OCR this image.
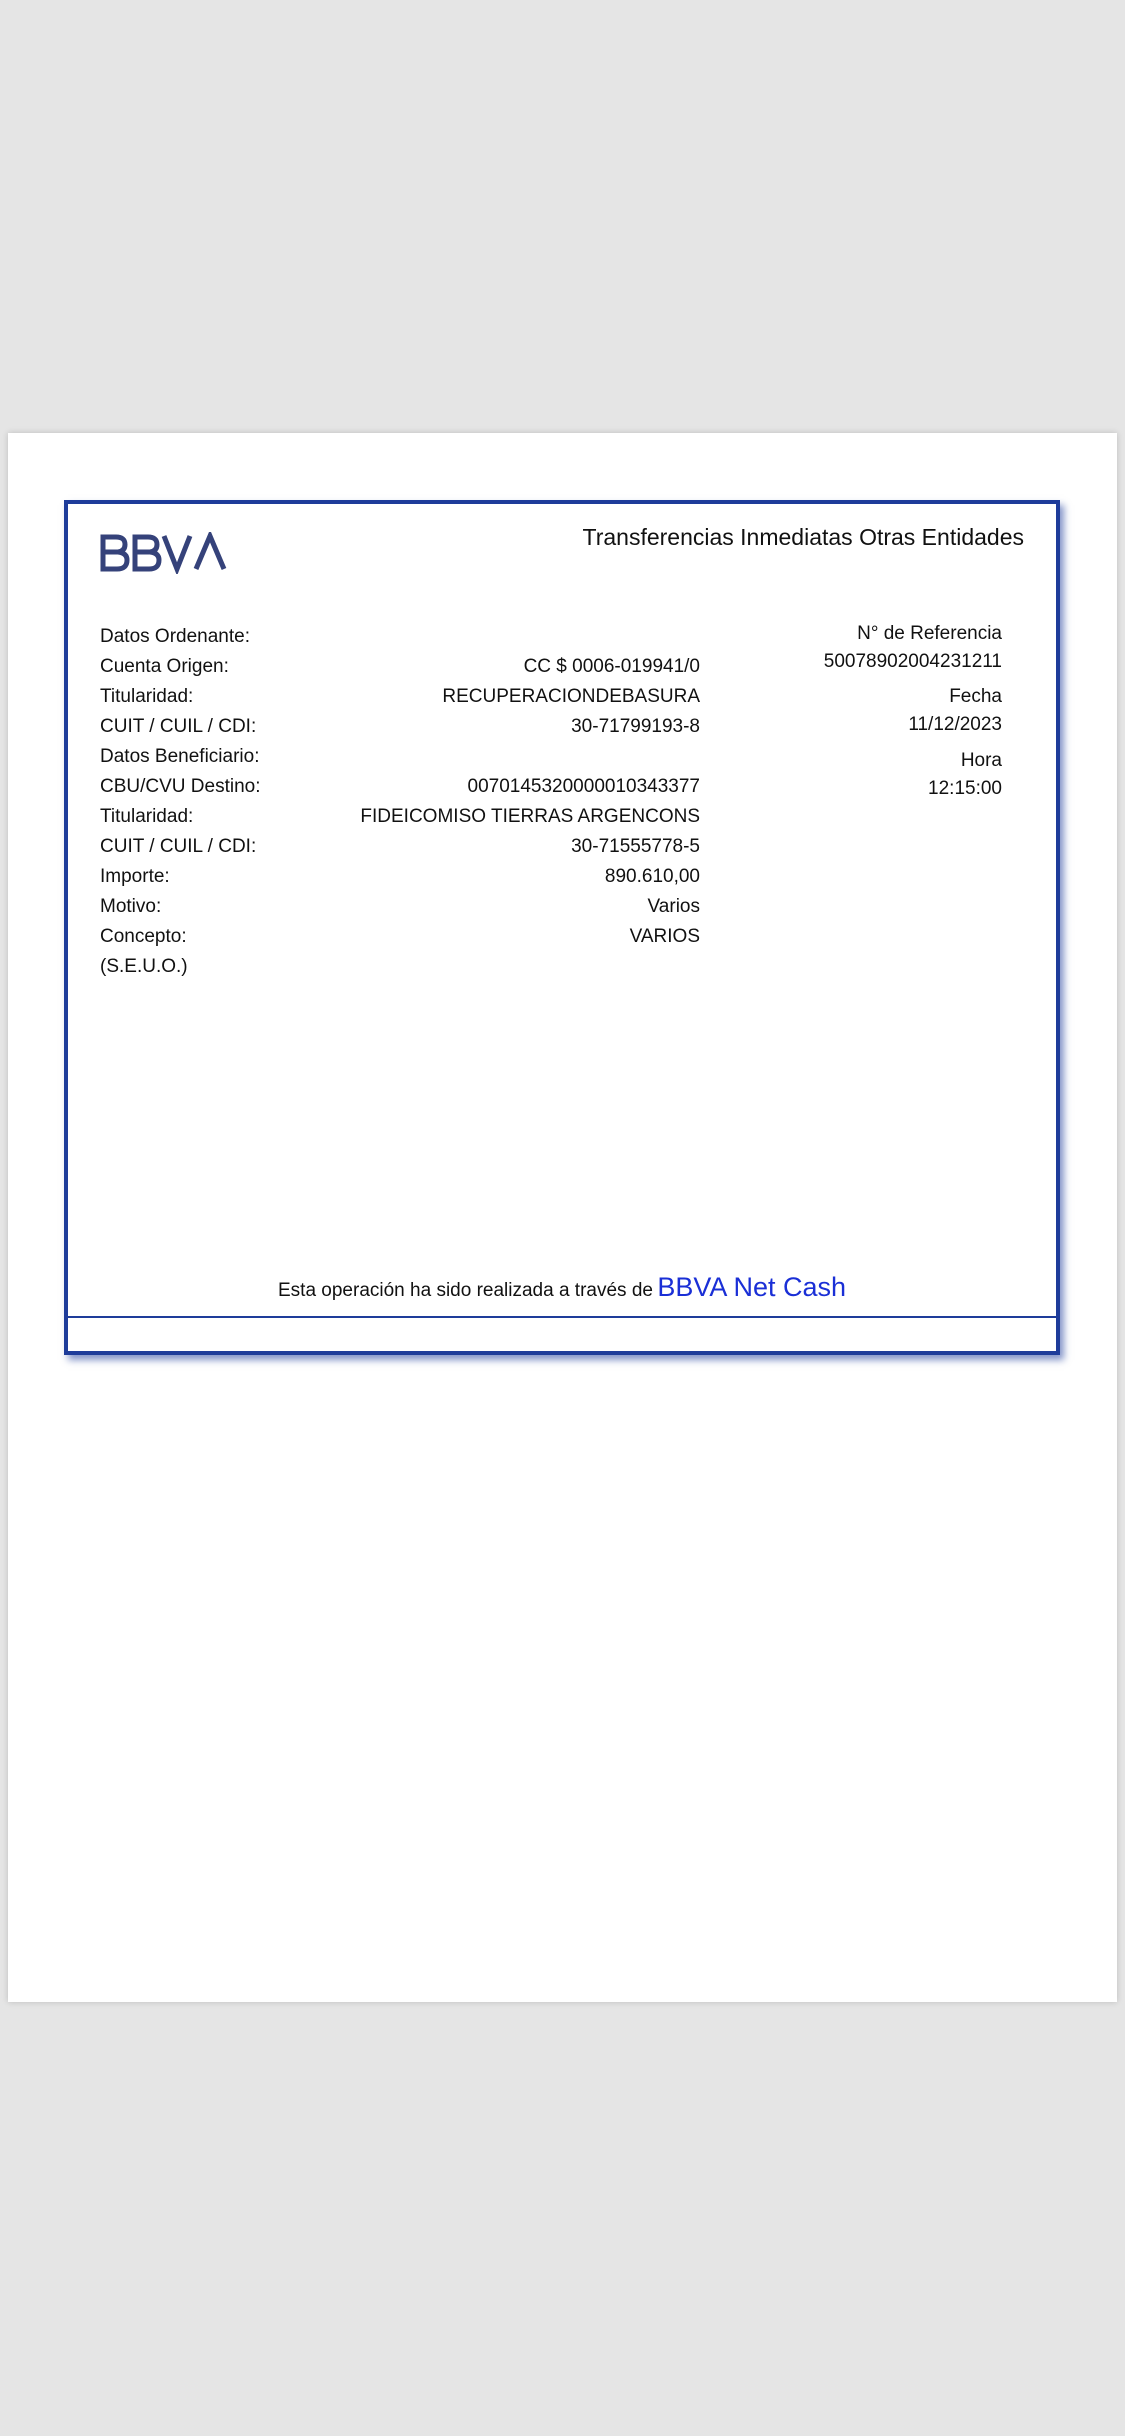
Transferencias Inmediatas Otras Entidades
Datos Ordenante:
Cuenta Origen:	CC $ 0006-019941/0
Titularidad:	RECUPERACIONDEBASURA
CUIT / CUIL / CDI:	30-71799193-8
Datos Beneficiario:
CBU/CVU Destino:	0070145320000010343377
Titularidad:	FIDEICOMISO TIERRAS ARGENCONS
CUIT / CUIL / CDI:	30-71555778-5
Importe:	890.610,00
Motivo:	Varios
Concepto:	VARIOS
(S.E.U.O.)
N° de Referencia
50078902004231211
Fecha
11/12/2023
Hora
12:15:00
Esta operación ha sido realizada a través de BBVA Net Cash
